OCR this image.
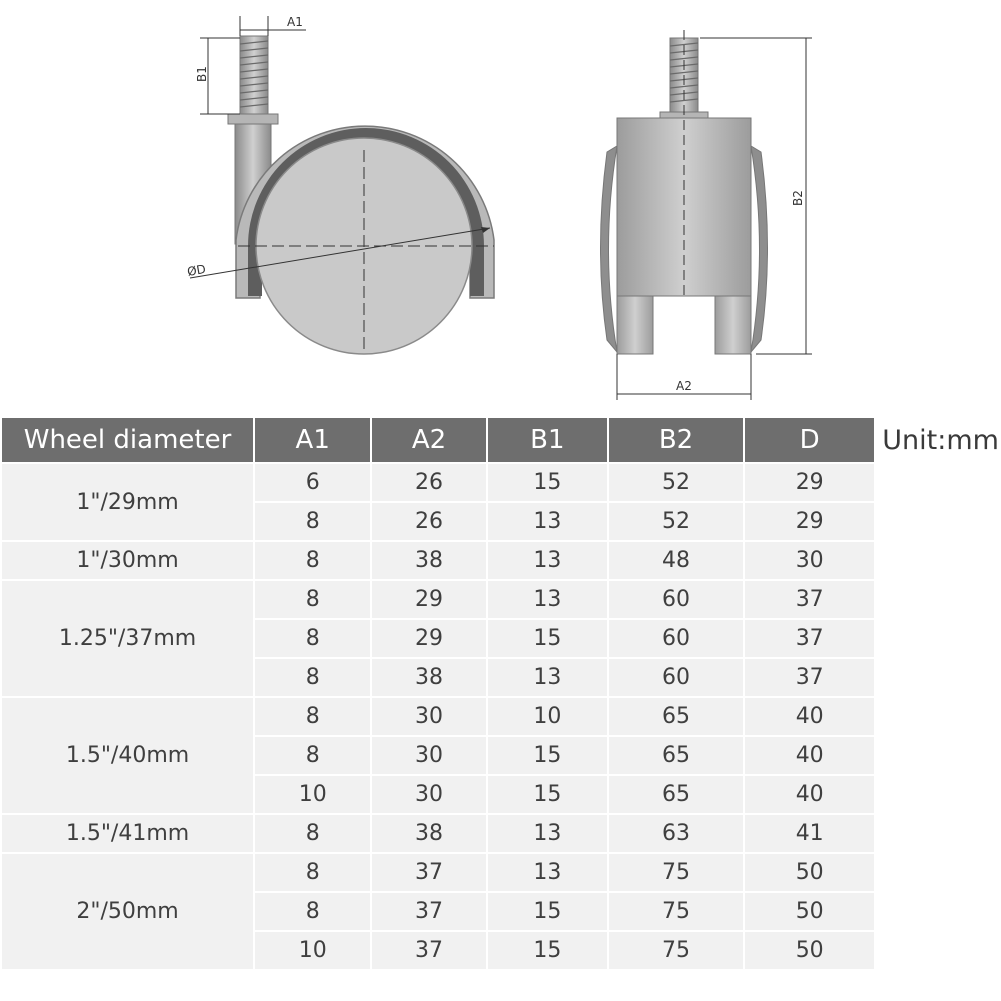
ØD
A1
B1
B2
A2
Wheel diameter	A1	A2	B1	B2	D	Unit:mm
1"/29mm	6	26	15	52	29	
	8	26	13	52	29	
1"/30mm	8	38	13	48	30	
1.25"/37mm	8	29	13	60	37	
	8	29	15	60	37	
	8	38	13	60	37	
1.5"/40mm	8	30	10	65	40	
	8	30	15	65	40	
	10	30	15	65	40	
1.5"/41mm	8	38	13	63	41	
2"/50mm	8	37	13	75	50	
	8	37	15	75	50	
	10	37	15	75	50	
